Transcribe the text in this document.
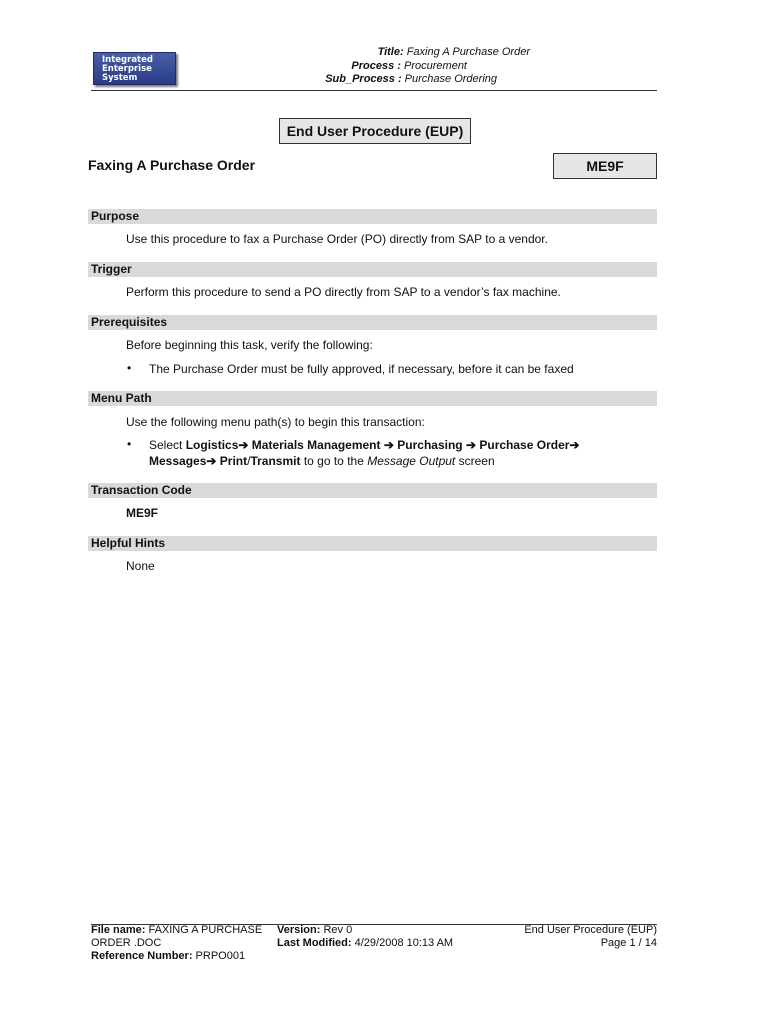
Integrated
Enterprise
System
Title: Faxing A Purchase Order
Process : Procurement
Sub_Process : Purchase Ordering
End User Procedure (EUP)
Faxing A Purchase Order	ME9F
Purpose
Use this procedure to fax a Purchase Order (PO) directly from SAP to a vendor.
Trigger
Perform this procedure to send a PO directly from SAP to a vendor’s fax machine.
Prerequisites
Before beginning this task, verify the following:
• The Purchase Order must be fully approved, if necessary, before it can be faxed
Menu Path
Use the following menu path(s) to begin this transaction:
• Select Logistics➔ Materials Management ➔ Purchasing ➔ Purchase Order➔
Messages➔ Print/Transmit to go to the Message Output screen
Transaction Code
ME9F
Helpful Hints
None
File name: FAXING A PURCHASE
ORDER .DOC
Reference Number: PRPO001
Version: Rev 0
Last Modified: 4/29/2008 10:13 AM
End User Procedure (EUP)
Page 1 / 14
